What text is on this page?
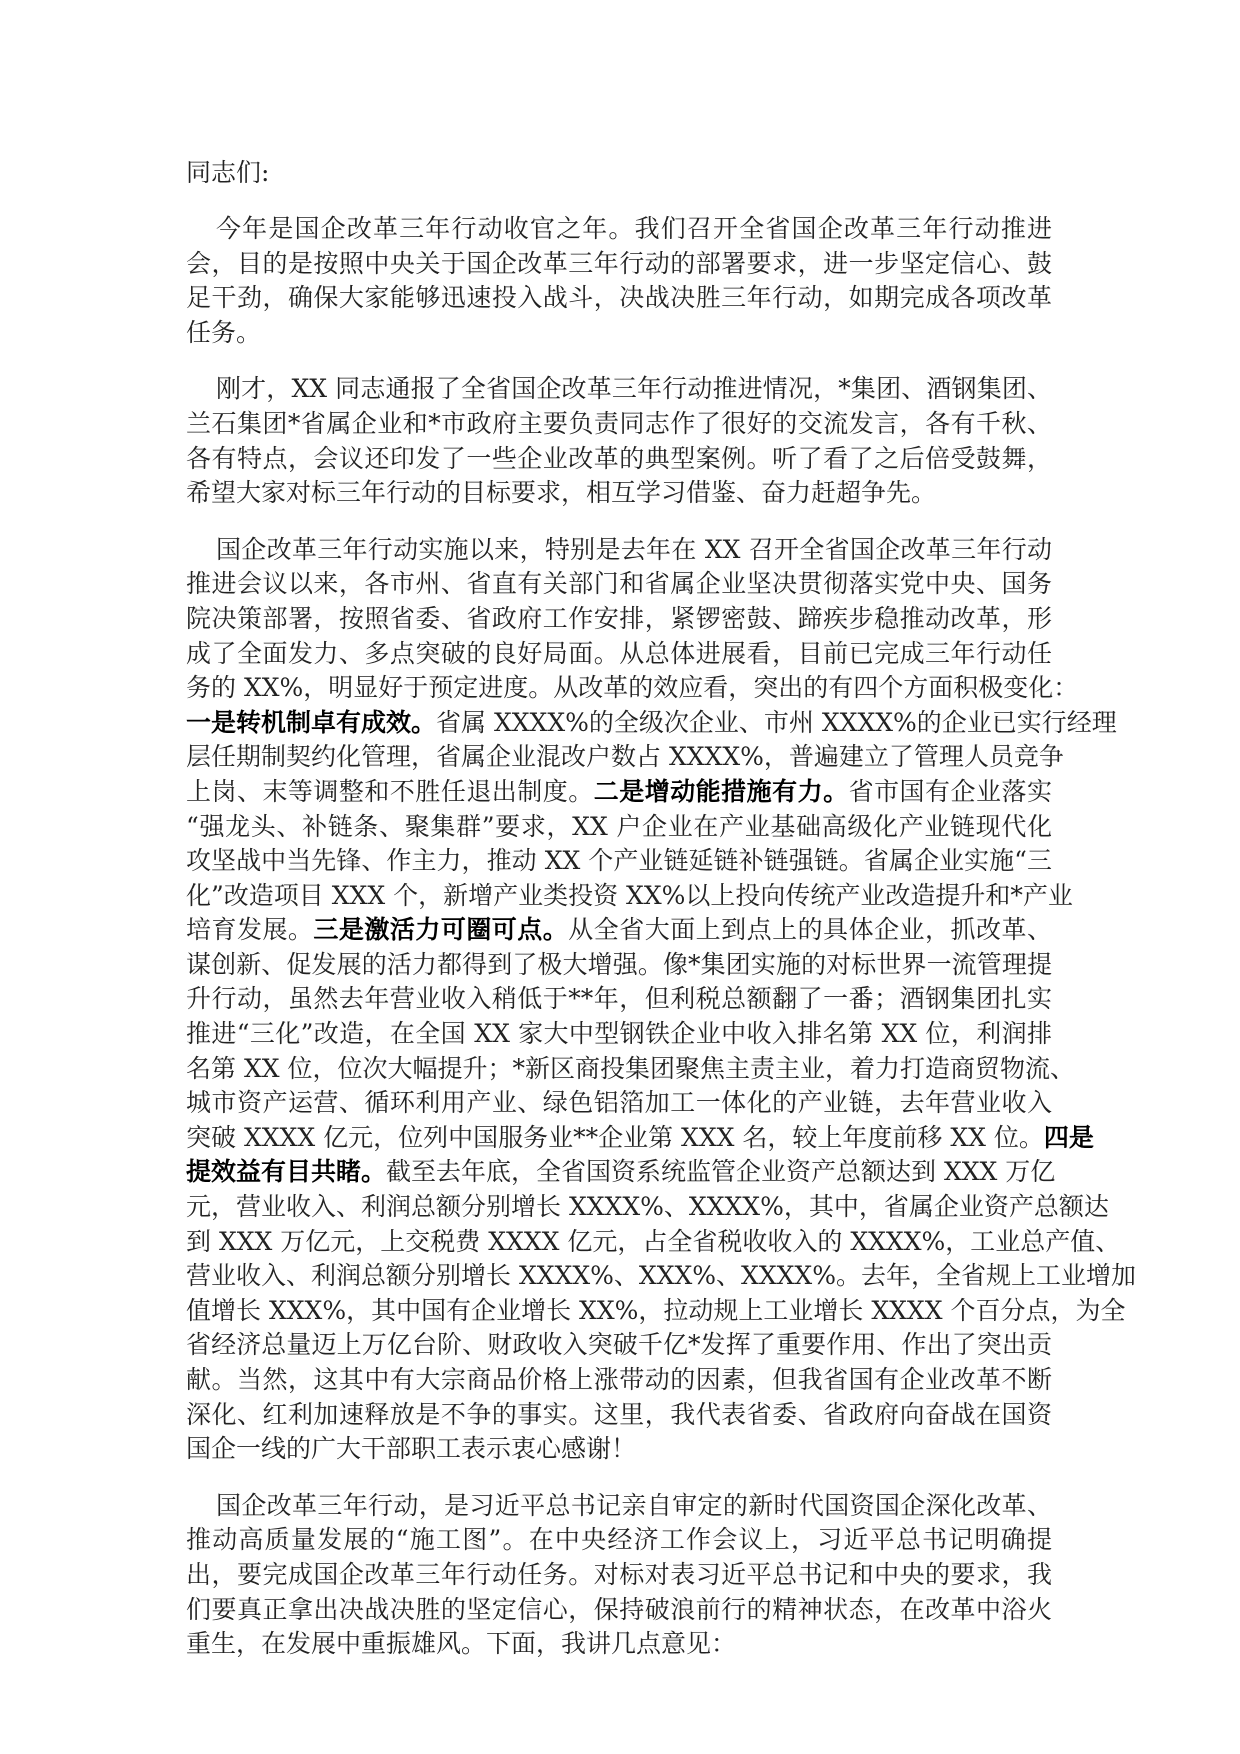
同志们:
今年是国企改革三年行动收官之年。我们召开全省国企改革三年行动推进
会，目的是按照中央关于国企改革三年行动的部署要求，进一步坚定信心、鼓
足干劲，确保大家能够迅速投入战斗，决战决胜三年行动，如期完成各项改革
任务。
刚才，XX 同志通报了全省国企改革三年行动推进情况，*集团、酒钢集团、
兰石集团*省属企业和*市政府主要负责同志作了很好的交流发言，各有千秋、
各有特点，会议还印发了一些企业改革的典型案例。听了看了之后倍受鼓舞，
希望大家对标三年行动的目标要求，相互学习借鉴、奋力赶超争先。
国企改革三年行动实施以来，特别是去年在 XX 召开全省国企改革三年行动
推进会议以来，各市州、省直有关部门和省属企业坚决贯彻落实党中央、国务
院决策部署，按照省委、省政府工作安排，紧锣密鼓、蹄疾步稳推动改革，形
成了全面发力、多点突破的良好局面。从总体进展看，目前已完成三年行动任
务的 XX%，明显好于预定进度。从改革的效应看，突出的有四个方面积极变化：
一是转机制卓有成效。省属 XXXX%的全级次企业、市州 XXXX%的企业已实行经理
层任期制契约化管理，省属企业混改户数占 XXXX%，普遍建立了管理人员竞争
上岗、末等调整和不胜任退出制度。二是增动能措施有力。省市国有企业落实
“强龙头、补链条、聚集群”要求，XX 户企业在产业基础高级化产业链现代化
攻坚战中当先锋、作主力，推动 XX 个产业链延链补链强链。省属企业实施“三
化”改造项目 XXX 个，新增产业类投资 XX%以上投向传统产业改造提升和*产业
培育发展。三是激活力可圈可点。从全省大面上到点上的具体企业，抓改革、
谋创新、促发展的活力都得到了极大增强。像*集团实施的对标世界一流管理提
升行动，虽然去年营业收入稍低于**年，但利税总额翻了一番；酒钢集团扎实
推进“三化”改造，在全国 XX 家大中型钢铁企业中收入排名第 XX 位，利润排
名第 XX 位，位次大幅提升；*新区商投集团聚焦主责主业，着力打造商贸物流、
城市资产运营、循环利用产业、绿色铝箔加工一体化的产业链，去年营业收入
突破 XXXX 亿元，位列中国服务业**企业第 XXX 名，较上年度前移 XX 位。四是
提效益有目共睹。截至去年底，全省国资系统监管企业资产总额达到 XXX 万亿
元，营业收入、利润总额分别增长 XXXX%、XXXX%，其中，省属企业资产总额达
到 XXX 万亿元，上交税费 XXXX 亿元，占全省税收收入的 XXXX%，工业总产值、
营业收入、利润总额分别增长 XXXX%、XXX%、XXXX%。去年，全省规上工业增加
值增长 XXX%，其中国有企业增长 XX%，拉动规上工业增长 XXXX 个百分点，为全
省经济总量迈上万亿台阶、财政收入突破千亿*发挥了重要作用、作出了突出贡
献。当然，这其中有大宗商品价格上涨带动的因素，但我省国有企业改革不断
深化、红利加速释放是不争的事实。这里，我代表省委、省政府向奋战在国资
国企一线的广大干部职工表示衷心感谢！
国企改革三年行动，是习近平总书记亲自审定的新时代国资国企深化改革、
推动高质量发展的“施工图”。在中央经济工作会议上，习近平总书记明确提
出，要完成国企改革三年行动任务。对标对表习近平总书记和中央的要求，我
们要真正拿出决战决胜的坚定信心，保持破浪前行的精神状态，在改革中浴火
重生，在发展中重振雄风。下面，我讲几点意见：
